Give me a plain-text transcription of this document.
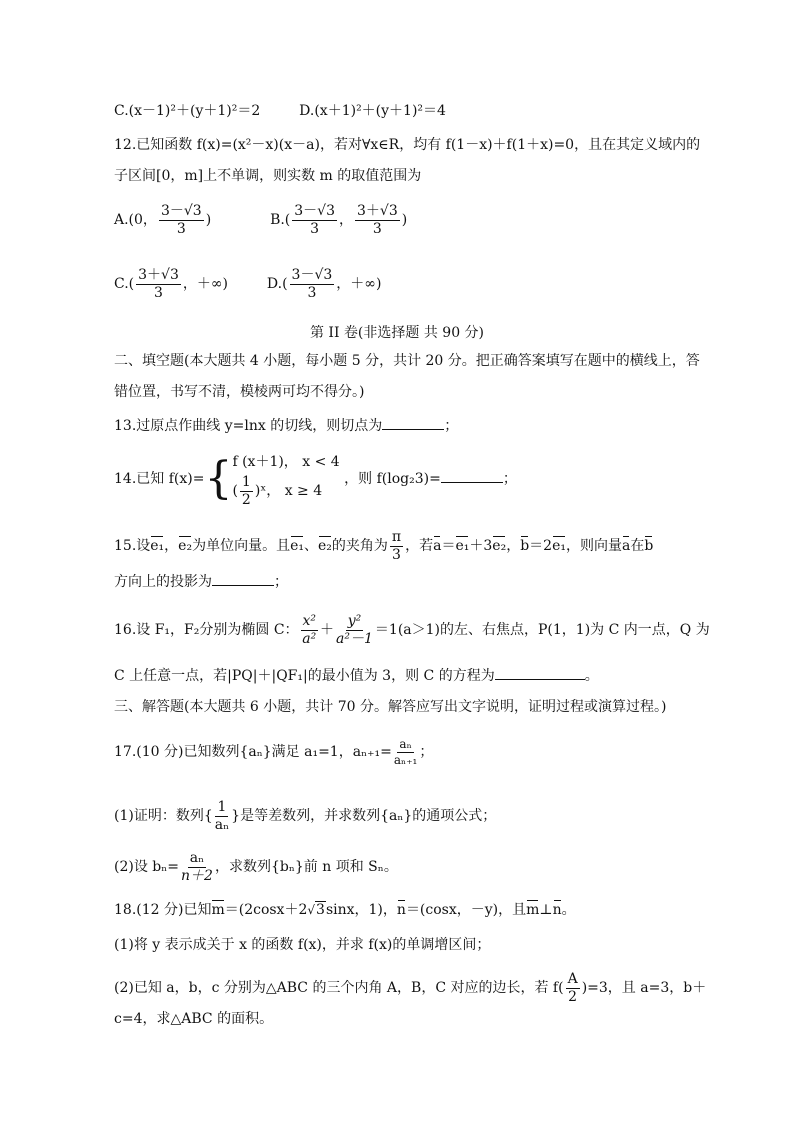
C.(x－1)²＋(y＋1)²＝2	D.(x＋1)²＋(y＋1)²＝4
12.已知函数 f(x)=(x²－x)(x－a)，若对∀x∈R，均有 f(1－x)＋f(1＋x)=0，且在其定义域内的
子区间[0，m]上不单调，则实数 m 的取值范围为
A.(0， $\frac{3-√3}{3}$ )	$B.( \frac{3-√3}{3}$ ， $\frac{3+√3}{3}$ )
$C.( \frac{3+√3}{3}$ ，＋∞)	$D.( \frac{3-√3}{3}$ ，＋∞)
第 II 卷(非选择题 共 90 分)
二、填空题(本大题共 4 小题，每小题 5 分，共计 20 分。把正确答案填写在题中的横线上，答
错位置，书写不清，模棱两可均不得分。)
13.过原点作曲线 y=lnx 的切线，则切点为	；
14.已知 f(x)={ f (x＋1)， x < 4
( $\frac{1}{2}$ )ˣ， x ≥ 4
，则 f(log₂3)=	；
15.设e₁，e₂为单位向量。且e₁、e₂的夹角为 $\frac{\pi}{3}$ ，若a＝e₁＋3e₂，b＝2e₁，则向量a在b
方向上的投影为	；
16.设 F₁，F₂分别为椭圆 C： $\frac{\text{x²}}{\text{a²}} + \frac{\text{y²}}{\text{a²－1}} =1(a>1)$的左、右焦点，P(1，1)为 C 内一点，Q 为
C 上任意一点，若|PQ|＋|QF₁|的最小值为 3，则 C 的方程为	。
三、解答题(本大题共 6 小题，共计 70 分。解答应写出文字说明，证明过程或演算过程。)
17.(10 分)已知数列{aₙ}满足 a₁=1，$a_{n+1}= \frac{\text{aₙ}}{\text{aₙ₊₁}}$ ；
(1)证明：数列{ $\frac{1}{\text{aₙ}}$ }是等差数列，并求数列{aₙ}的通项公式；
(2)设 $b_n= \frac{\text{aₙ}}{n+2}$ ，求数列{bₙ}前 n 项和 Sₙ。
18.(12 分)已知m＝(2cosx＋2√3sinx，1)，n＝(cosx，－y)，且m⊥n。
(1)将 y 表示成关于 x 的函数 f(x)，并求 f(x)的单调增区间；
(2)已知 a，b，c 分别为△ABC 的三个内角 A，B，C 对应的边长，若 $f( \frac{A}{2} )=3$，且 a=3，b＋
c=4，求△ABC 的面积。
